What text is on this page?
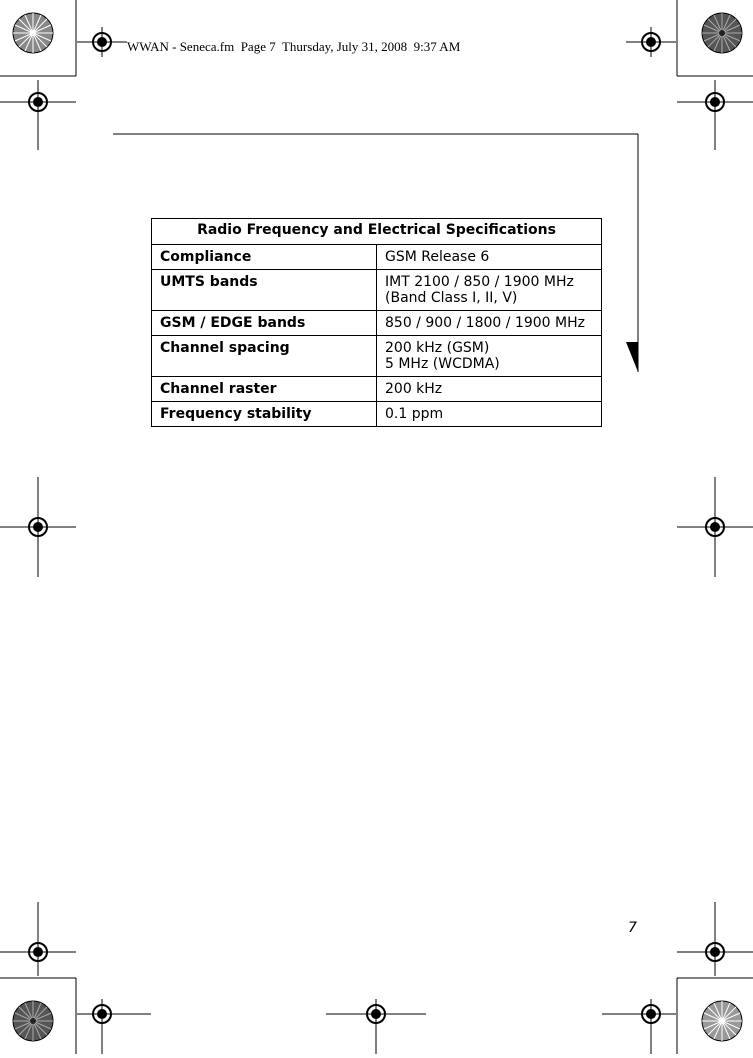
WWAN - Seneca.fm  Page 7  Thursday, July 31, 2008  9:37 AM
Radio Frequency and Electrical Specifications	
Compliance	GSM Release 6
UMTS bands	IMT 2100 / 850 / 1900 MHz (Band Class I, II, V)
GSM / EDGE bands	850 / 900 / 1800 / 1900 MHz
Channel spacing	200 kHz (GSM)
5 MHz (WCDMA)
Channel raster	200 kHz
Frequency stability	0.1 ppm
7
